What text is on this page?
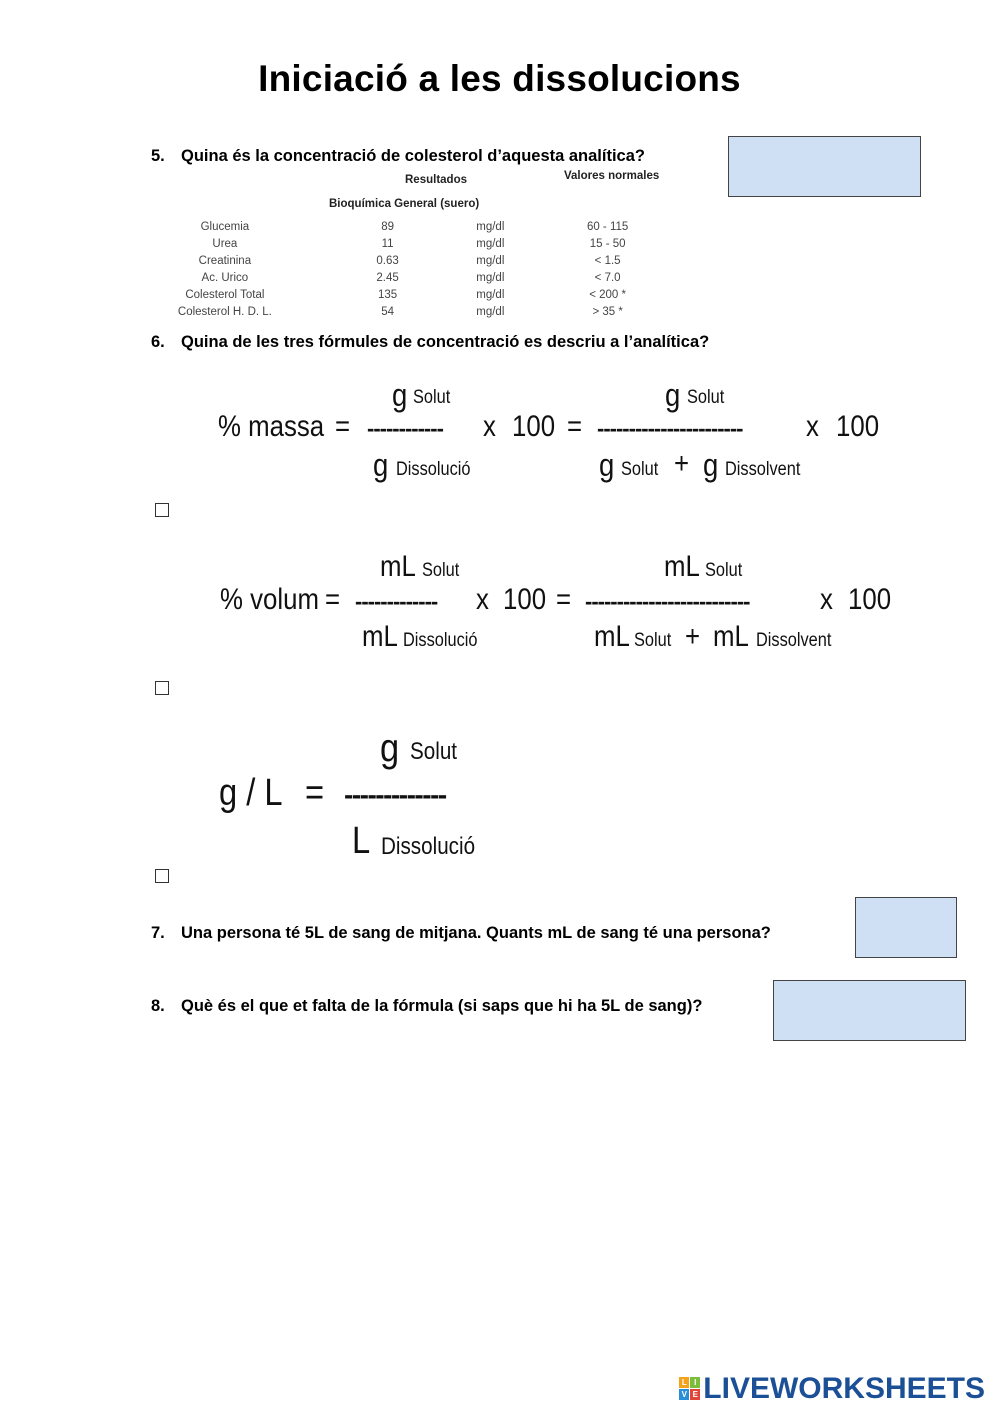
Iniciació a les dissolucions
5. Quina és la concentració de colesterol d’aquesta analítica?
Resultados	Valores normales
Bioquímica General (suero)
Glucemia	89	mg/dl	60 - 115
Urea	11	mg/dl	15 - 50
Creatinina	0.63	mg/dl	< 1.5
Ac. Urico	2.45	mg/dl	< 7.0
Colesterol Total	135	mg/dl	< 200 *
Colesterol H. D. L.	54	mg/dl	> 35 *
6. Quina de les tres fórmules de concentració es descriu a l’analítica?
% massa =
g Solut
------------
g Dissolució
x 100 =
g Solut
-----------------------
g Solut + g Dissolvent
x 100
% volum =
mL Solut
-------------
mL Dissolució
x 100 =
mL Solut
--------------------------
mL Solut + mL Dissolvent
x 100
g / L =
g Solut
-------------
L Dissolució
7. Una persona té 5L de sang de mitjana. Quants mL de sang té una persona?
8. Què és el que et falta de la fórmula (si saps que hi ha 5L de sang)?
L I
V E LIVEWORKSHEETS
